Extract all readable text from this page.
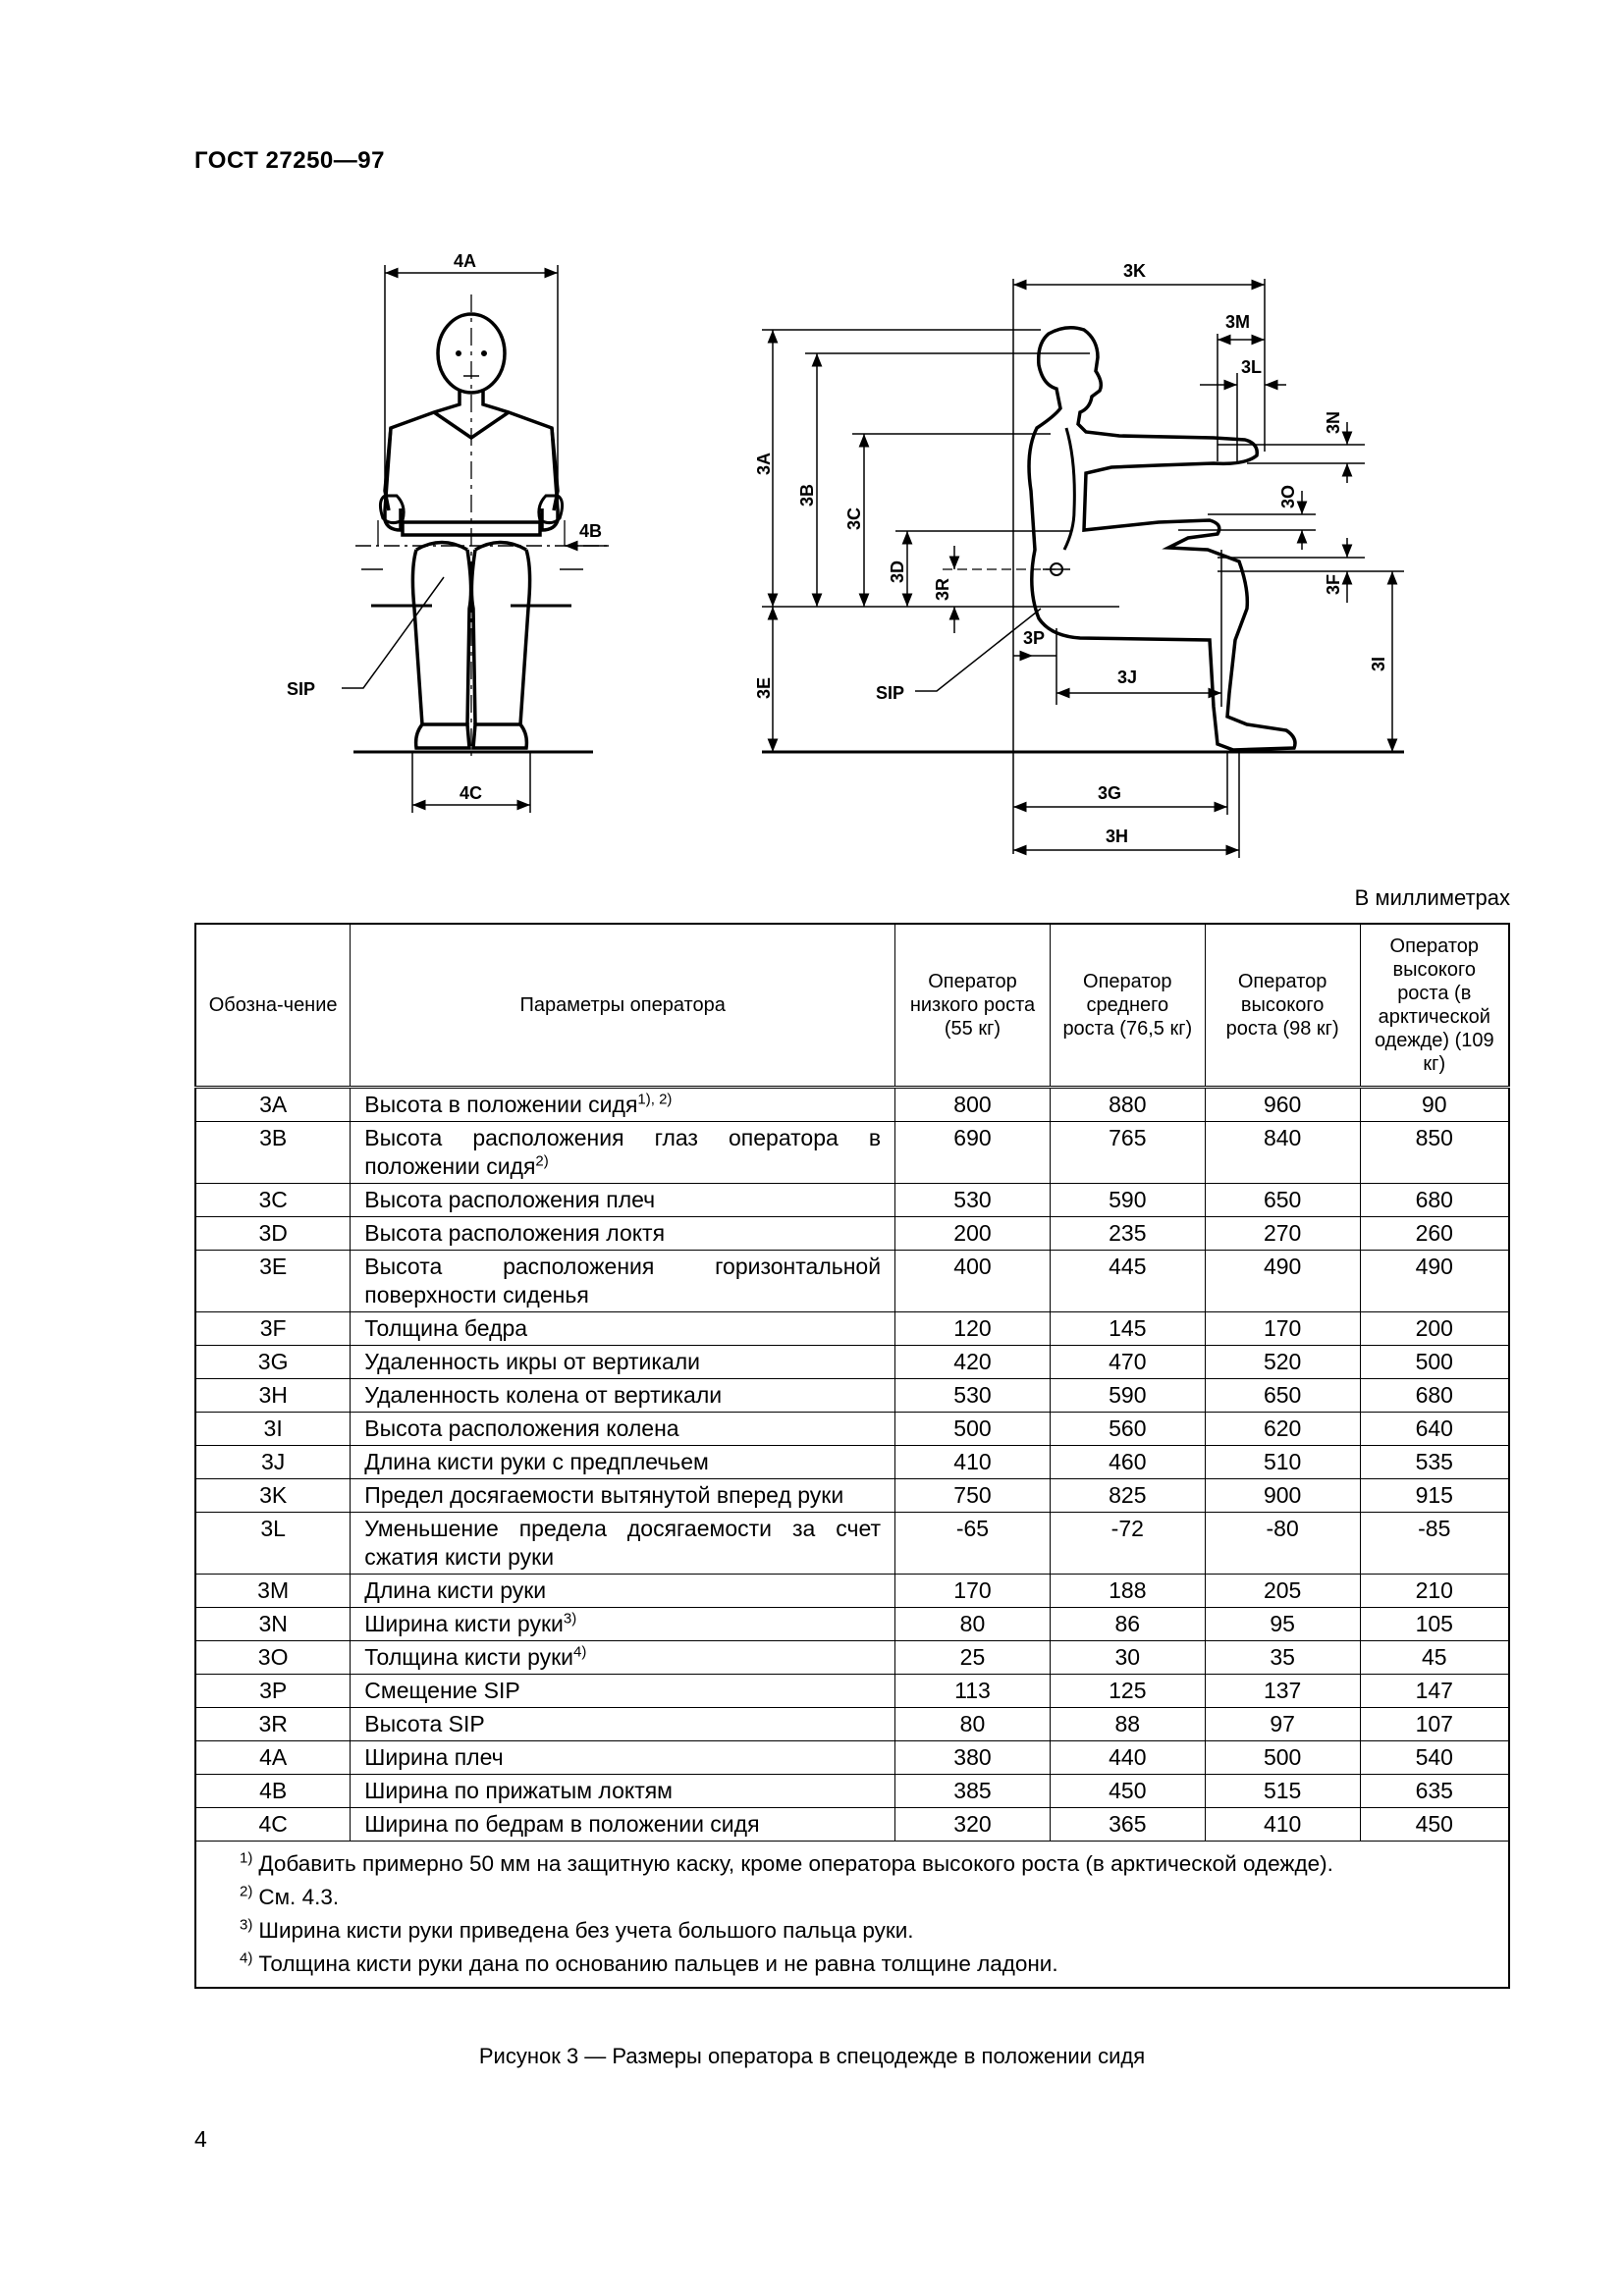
ГОСТ 27250—97
4А
4B
4C
SIP
3K
3M
3L
3N
3O
3A
3B
3C
3D
3R
3E
3F
3I
3P
3J
3G
3H
SIP
В миллиметрах
Обозна-чение	Параметры оператора	Оператор низкого роста (55 кг)	Оператор среднего роста (76,5 кг)	Оператор высокого роста (98 кг)	Оператор высокого роста (в арктической одежде) (109 кг)
3A	Высота в положении сидя$^{1), 2)}$	800	880	960	90
3B	Высота расположения глаз оператора в положении сидя$^{2)}$	690	765	840	850
3C	Высота расположения плеч	530	590	650	680
3D	Высота расположения локтя	200	235	270	260
3E	Высота расположения горизонтальной поверхности сиденья	400	445	490	490
3F	Толщина бедра	120	145	170	200
3G	Удаленность икры от вертикали	420	470	520	500
3H	Удаленность колена от вертикали	530	590	650	680
3I	Высота расположения колена	500	560	620	640
3J	Длина кисти руки с предплечьем	410	460	510	535
3K	Предел досягаемости вытянутой вперед руки	750	825	900	915
3L	Уменьшение предела досягаемости за счет сжатия кисти руки	-65	-72	-80	-85
3M	Длина кисти руки	170	188	205	210
3N	Ширина кисти руки$^{3)}$	80	86	95	105
3O	Толщина кисти руки$^{4)}$	25	30	35	45
3P	Смещение SIP	113	125	137	147
3R	Высота SIP	80	88	97	107
4A	Ширина плеч	380	440	500	540
4B	Ширина по прижатым локтям	385	450	515	635
4C	Ширина по бедрам в положении сидя	320	365	410	450

$^{1)}$ Добавить примерно 50 мм на защитную каску, кроме оператора высокого роста (в арктической одежде).
$^{2)}$ См. 4.3.
$^{3)}$ Ширина кисти руки приведена без учета большого пальца руки.
$^{4)}$ Толщина кисти руки дана по основанию пальцев и не равна толщине ладони.					
Рисунок 3 — Размеры оператора в спецодежде в положении сидя
4
